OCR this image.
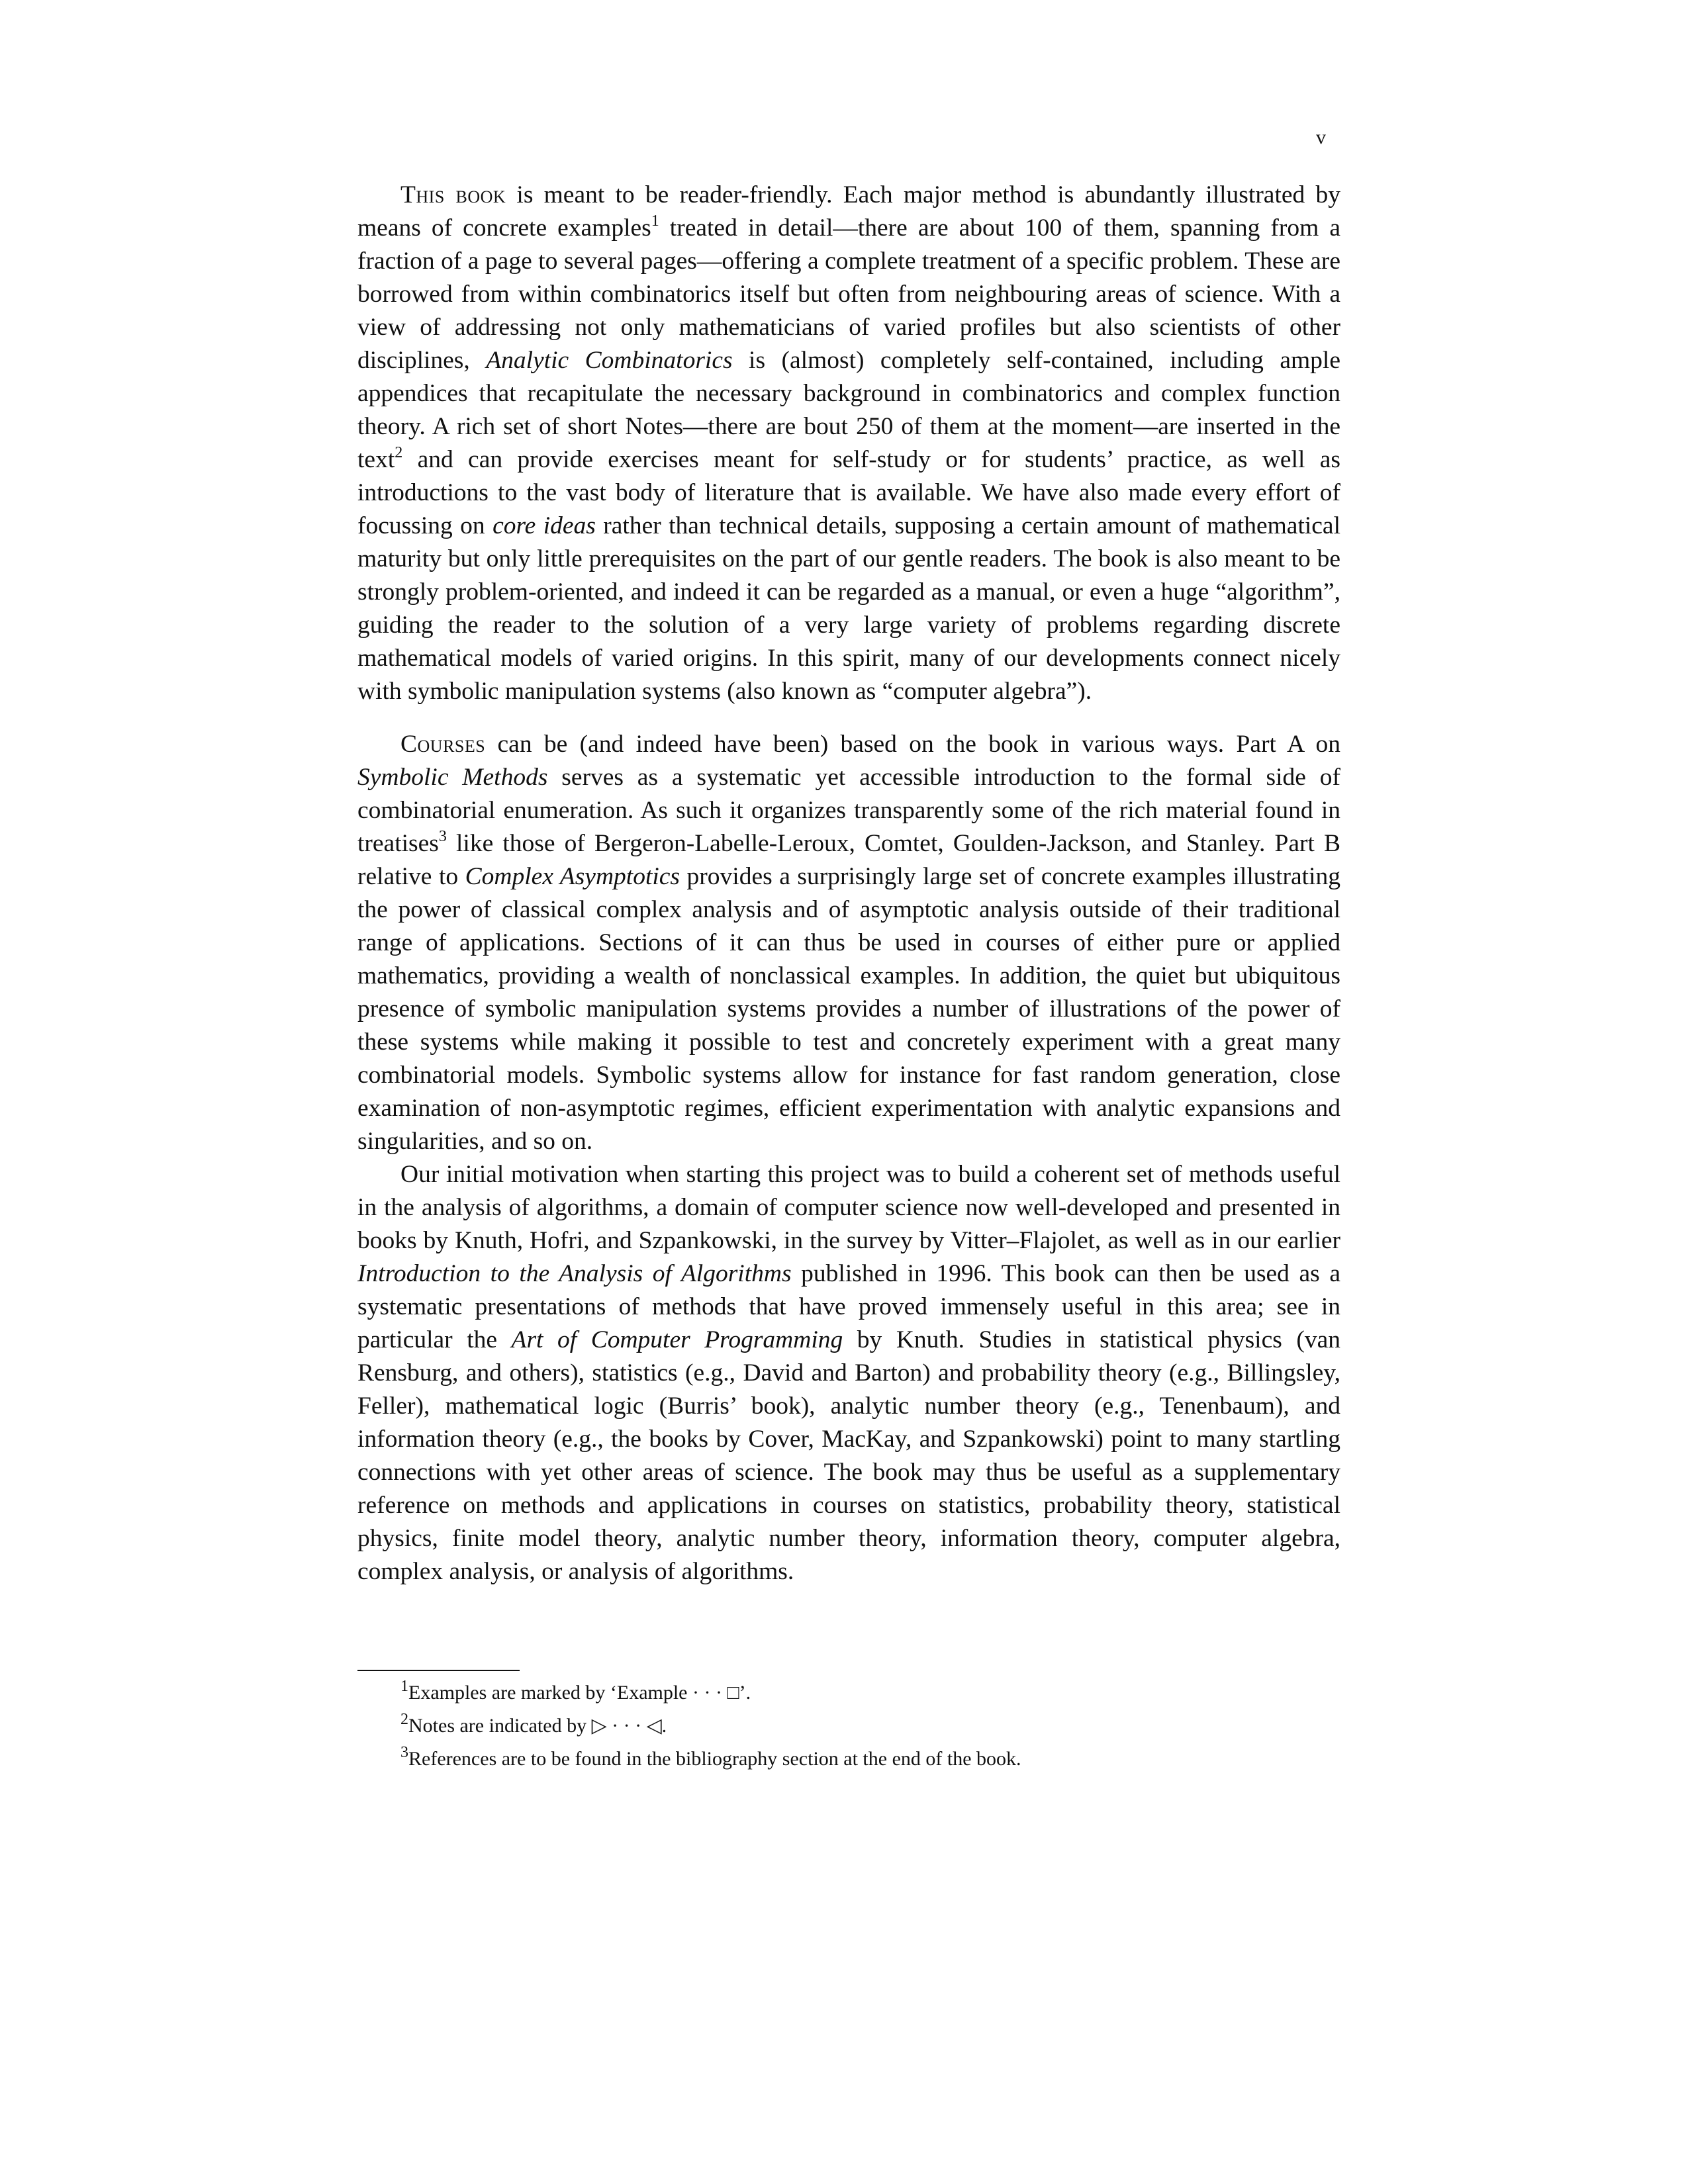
v

This book is meant to be reader-friendly. Each major method is abundantly illustrated by means of concrete examples$^1$ treated in detail—there are about 100 of them, spanning from a fraction of a page to several pages—offering a complete treatment of a specific problem. These are borrowed from within combinatorics itself but often from neighbouring areas of science. With a view of addressing not only mathematicians of varied profiles but also scientists of other disciplines, Analytic Combinatorics is (almost) completely self-contained, including ample appendices that recapitulate the necessary background in combinatorics and complex function theory. A rich set of short Notes—there are bout 250 of them at the moment—are inserted in the text$^2$ and can provide exercises meant for self-study or for students’ practice, as well as introductions to the vast body of literature that is available. We have also made every effort of focussing on core ideas rather than technical details, supposing a certain amount of mathematical maturity but only little prerequisites on the part of our gentle readers. The book is also meant to be strongly problem-oriented, and indeed it can be regarded as a manual, or even a huge “algorithm”, guiding the reader to the solution of a very large variety of problems regarding discrete mathematical models of varied origins. In this spirit, many of our developments connect nicely with symbolic manipulation systems (also known as “computer algebra”).

Courses can be (and indeed have been) based on the book in various ways. Part A on Symbolic Methods serves as a systematic yet accessible introduction to the formal side of combinatorial enumeration. As such it organizes transparently some of the rich material found in treatises$^3$ like those of Bergeron-Labelle-Leroux, Comtet, Goulden-Jackson, and Stanley. Part B relative to Complex Asymptotics provides a surprisingly large set of concrete examples illustrating the power of classical complex analysis and of asymptotic analysis outside of their traditional range of applications. Sections of it can thus be used in courses of either pure or applied mathematics, providing a wealth of nonclassical examples. In addition, the quiet but ubiquitous presence of symbolic manipulation systems provides a number of illustrations of the power of these systems while making it possible to test and concretely experiment with a great many combinatorial models. Symbolic systems allow for instance for fast random generation, close examination of non-asymptotic regimes, efficient experimentation with analytic expansions and singularities, and so on.

Our initial motivation when starting this project was to build a coherent set of methods useful in the analysis of algorithms, a domain of computer science now well-developed and presented in books by Knuth, Hofri, and Szpankowski, in the survey by Vitter–Flajolet, as well as in our earlier Introduction to the Analysis of Algorithms published in 1996. This book can then be used as a systematic presentations of methods that have proved immensely useful in this area; see in particular the Art of Computer Programming by Knuth. Studies in statistical physics (van Rensburg, and others), statistics (e.g., David and Barton) and probability theory (e.g., Billingsley, Feller), mathematical logic (Burris’ book), analytic number theory (e.g., Tenenbaum), and information theory (e.g., the books by Cover, MacKay, and Szpankowski) point to many startling connections with yet other areas of science. The book may thus be useful as a supplementary reference on methods and applications in courses on statistics, probability theory, statistical physics, finite model theory, analytic number theory, information theory, computer algebra, complex analysis, or analysis of algorithms.

$^1$Examples are marked by ‘Example · · · □’.
$^2$Notes are indicated by ▷ · · · ◁.
$^3$References are to be found in the bibliography section at the end of the book.
